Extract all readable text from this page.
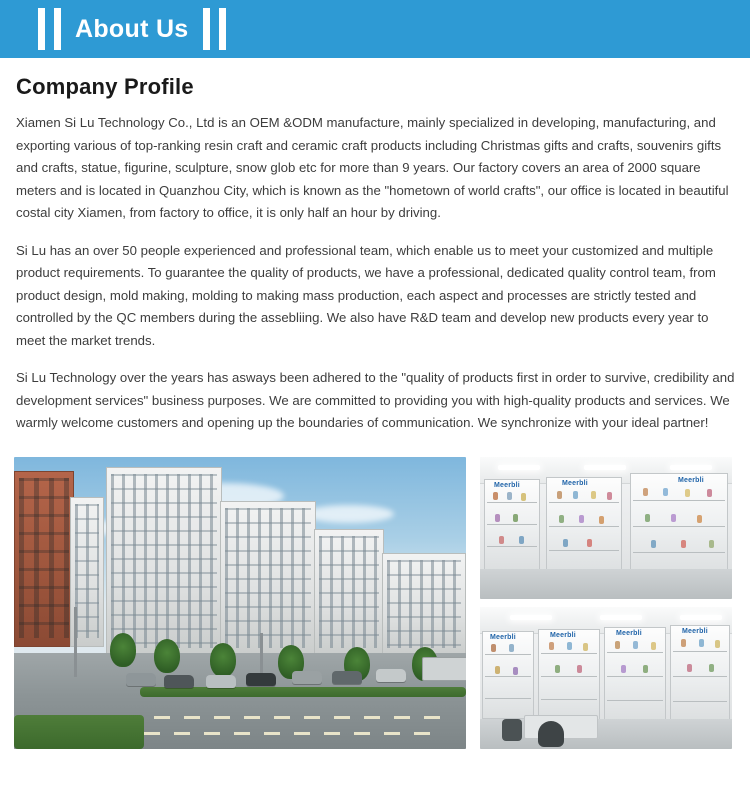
About Us
Company Profile

Xiamen Si Lu Technology Co., Ltd is an OEM &ODM manufacture, mainly specialized in developing, manufacturing, and exporting various of top-ranking resin craft and ceramic craft products including Christmas gifts and crafts, souvenirs gifts and crafts, statue, figurine, sculpture, snow glob etc for more than 9 years. Our factory covers an area of 2000 square meters and is located in Quanzhou City, which is known as the "hometown of world crafts", our office is located in beautiful costal city Xiamen, from factory to office, it is only half an hour by driving.

Si Lu has an over 50 people experienced and professional team, which enable us to meet your customized and multiple product requirements. To guarantee the quality of products, we have a professional, dedicated quality control team, from product design, mold making, molding to making mass production, each aspect and processes are strictly tested and controlled by the QC members during the assebliing. We also have R&D team and develop new products every year to meet the market trends.

Si Lu Technology over the years has asways been adhered to the "quality of products first in order to survive, credibility and development services" business purposes. We are committed to providing you with high-quality products and services. We warmly welcome customers and opening up the boundaries of communication. We synchronize with your ideal partner!

Meerbli	Meerbli	Meerbli
Meerbli	Meerbli	Meerbli	Meerbli
